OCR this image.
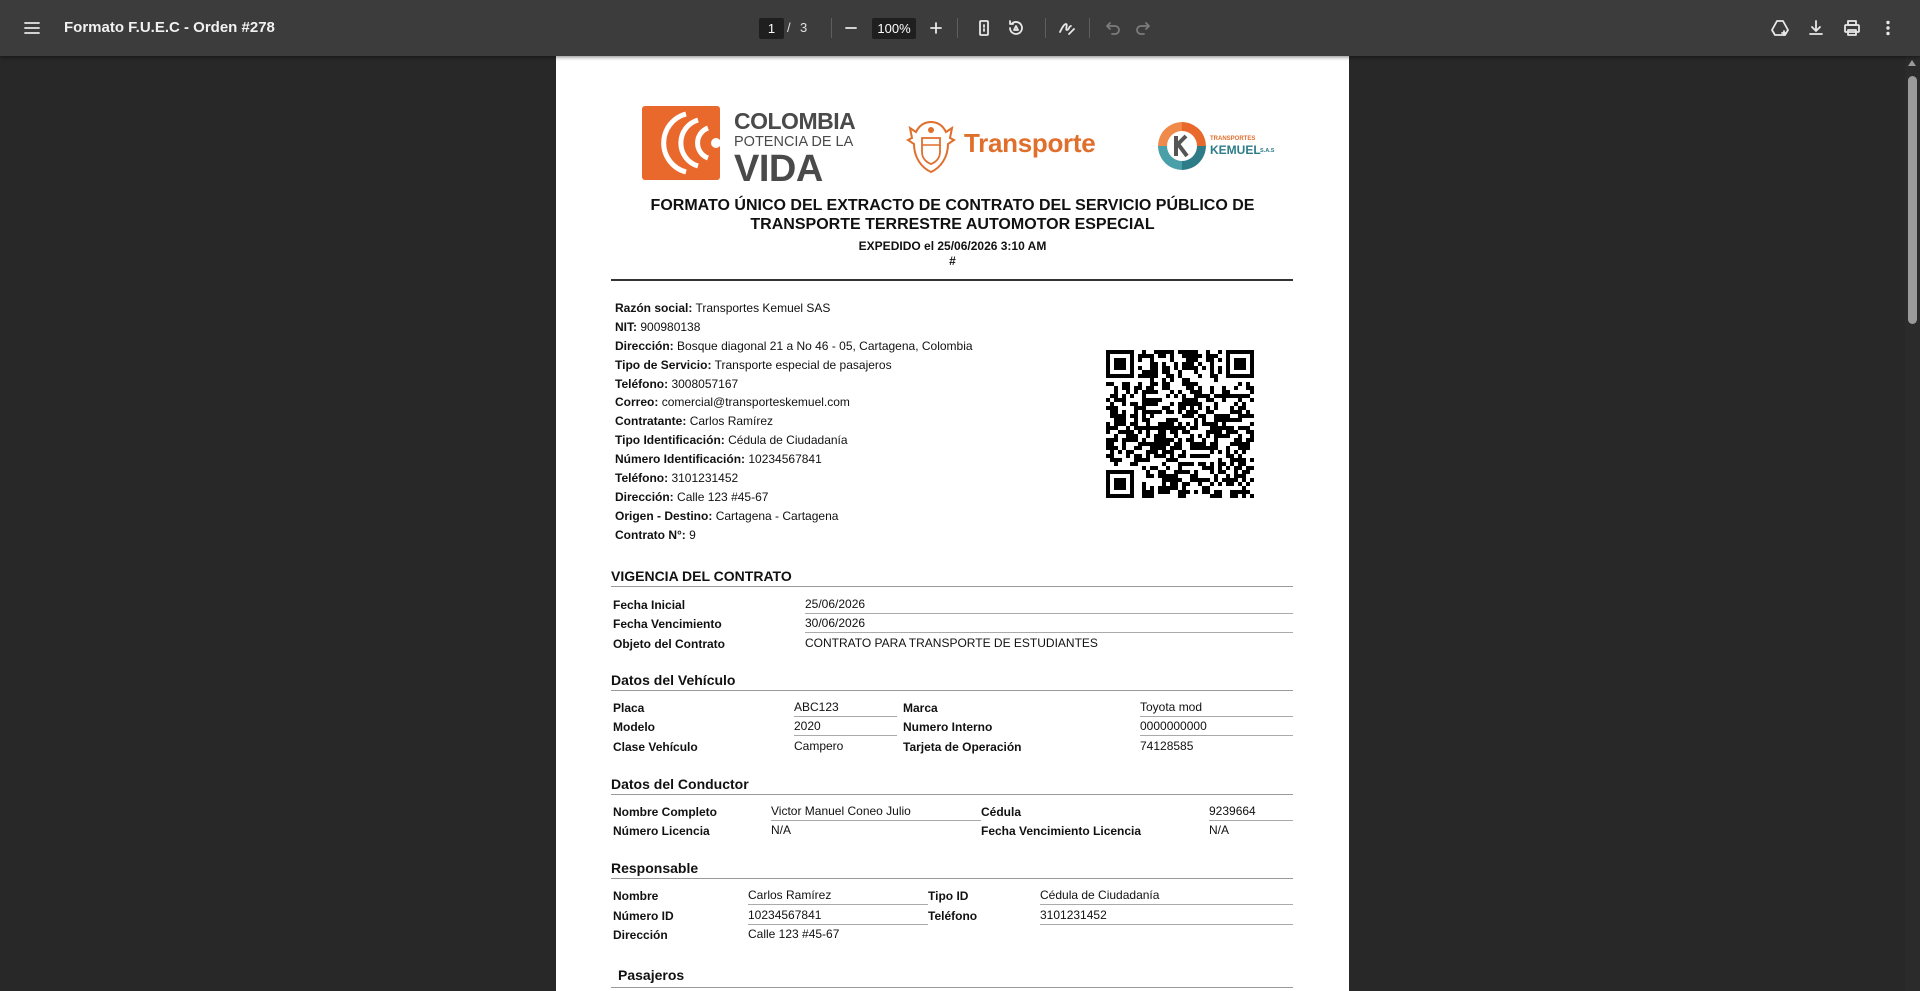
Formato F.U.E.C - Orden #278
1	/ 3
100%
COLOMBIA
POTENCIA DE LA
VIDA
Transporte	TRANSPORTES
KEMUEL S.A.S
FORMATO ÚNICO DEL EXTRACTO DE CONTRATO DEL SERVICIO PÚBLICO DE
TRANSPORTE TERRESTRE AUTOMOTOR ESPECIAL
EXPEDIDO el 25/06/2026 3:10 AM
#
Razón social: Transportes Kemuel SAS
NIT: 900980138
Dirección: Bosque diagonal 21 a No 46 - 05, Cartagena, Colombia
Tipo de Servicio: Transporte especial de pasajeros
Teléfono: 3008057167
Correo: comercial@transporteskemuel.com
Contratante: Carlos Ramírez
Tipo Identificación: Cédula de Ciudadanía
Número Identificación: 10234567841
Teléfono: 3101231452
Dirección: Calle 123 #45-67
Origen - Destino: Cartagena - Cartagena
Contrato N°: 9
VIGENCIA DEL CONTRATO
Fecha Inicial	25/06/2026
Fecha Vencimiento	30/06/2026
Objeto del Contrato	CONTRATO PARA TRANSPORTE DE ESTUDIANTES
Datos del Vehículo
Placa	ABC123	Marca	Toyota mod
Modelo	2020	Numero Interno	0000000000
Clase Vehículo	Campero	Tarjeta de Operación	74128585
Datos del Conductor
Nombre Completo	Victor Manuel Coneo Julio	Cédula	9239664
Número Licencia	N/A	Fecha Vencimiento Licencia	N/A
Responsable
Nombre	Carlos Ramírez	Tipo ID	Cédula de Ciudadanía
Número ID	10234567841	Teléfono	3101231452
Dirección	Calle 123 #45-67
Pasajeros
